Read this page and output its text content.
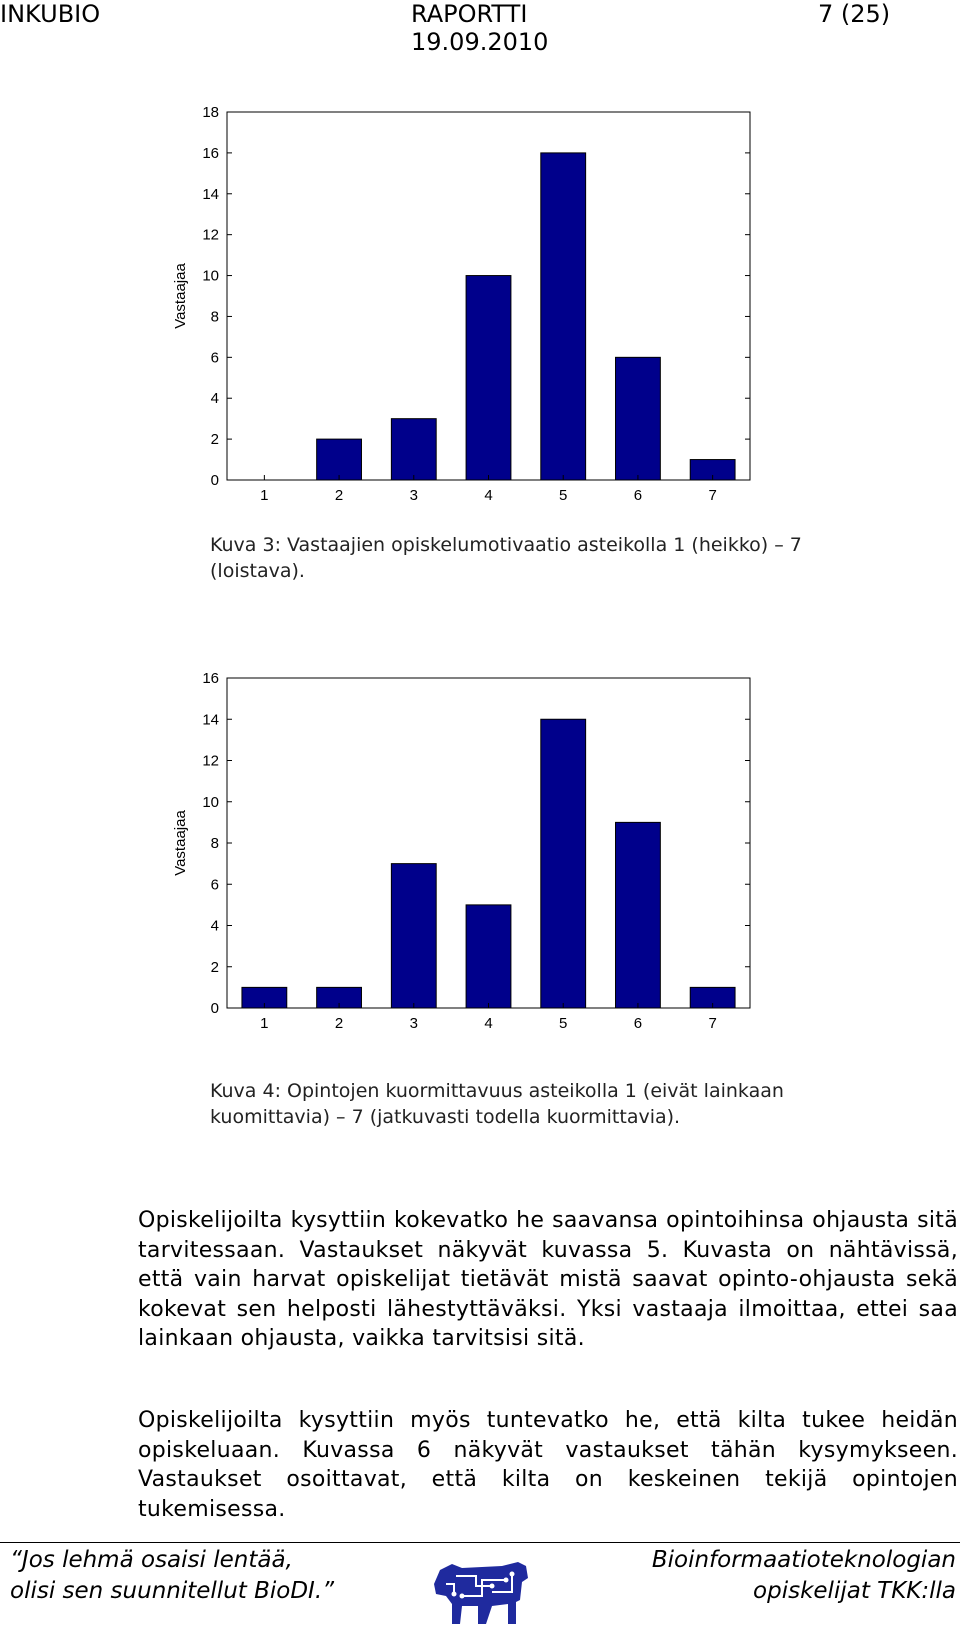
INKUBIO	RAPORTTI
19.09.2010
7 (25)
0
2
4
6
8
10
12
14
16
18
1	2	3	4	5	6	7
Vastaajaa
Kuva 3: Vastaajien opiskelumotivaatio asteikolla 1 (heikko) – 7 (loistava).
0
2
4
6
8
10
12
14
16
1	2	3	4	5	6	7
Vastaajaa
Kuva 4: Opintojen kuormittavuus asteikolla 1 (eivät lainkaan kuomittavia) – 7 (jatkuvasti todella kuormittavia).

Opiskelijoilta kysyttiin kokevatko he saavansa opintoihinsa ohjausta sitä tarvitessaan. Vastaukset näkyvät kuvassa 5. Kuvasta on nähtävissä, että vain harvat opiskelijat tietävät mistä saavat opinto-ohjausta sekä kokevat sen helposti lähestyttäväksi. Yksi vastaaja ilmoittaa, ettei saa lainkaan ohjausta, vaikka tarvitsisi sitä.

Opiskelijoilta kysyttiin myös tuntevatko he, että kilta tukee heidän opiskeluaan. Kuvassa 6 näkyvät vastaukset tähän kysymykseen. Vastaukset osoittavat, että kilta on keskeinen tekijä opintojen tukemisessa.

“Jos lehmä osaisi lentää,
olisi sen suunnitellut BioDI.”
Bioinformaatioteknologian
opiskelijat TKK:lla
